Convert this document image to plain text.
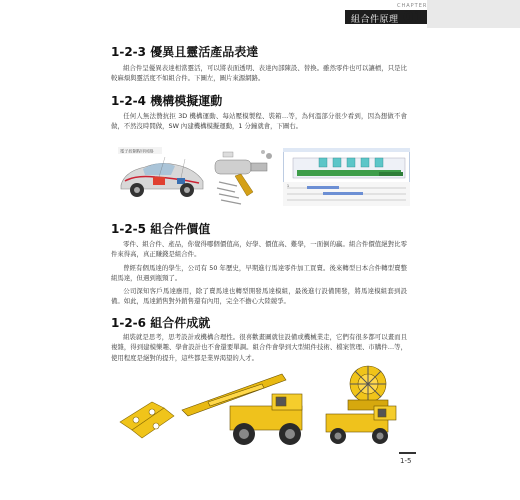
組合件原理
CHAPTER
01
1-2-3 優異且靈活產品表達
組合件呈優異表達相當靈活，可以將表面透明、表達內部陳設、替換。雖然零件也可以讓槓，只是比較麻煩與靈活度不如組合件。下圖左，圖片來源網路。
1-2-4 機構模擬運動
任何人無法贊抗拒 3D 機構運動、每站壓模製程、裝箱…等，為何溫部分很少看到，因為想做不會做，不然沒時間做，SW 內建機構模擬運動，1 分鐘就會，下圖右。
電子控制程序回路
1
1-2-5 組合件價值
零件、組合件、產品，你覺得哪個價值高，好學、價值高、難學，一面倒的贏。組合件價值絕對比零件來得高，真正賺錢是組合件。
曾經有個馬達的學生，公司有 50 年歷史，早期進行馬達零件加工買賣。後來轉型日本合件轉型賣整組馬達，但遇到瓶頸了。
公司深知客戶馬達應用，除了賣馬達也轉型開發馬達模組，最後進行設備開發，將馬達模組套到設備。如此，馬達銷售對外銷售還有內用，完全不擔心大陸競爭。
1-2-6 組合件成就
組裝就是思考，思考設計或機構合理性。很喜歡畫圖就往設備或機械業走，它們有很多都可以畫而且複雜，得到建模樂趣、學會設計也不會還要單調。組合件會學到大型組件技術、檔案管理、市購件…等，使用程度是絕對的提升，這些都是業界渴望的人才。
1-5
